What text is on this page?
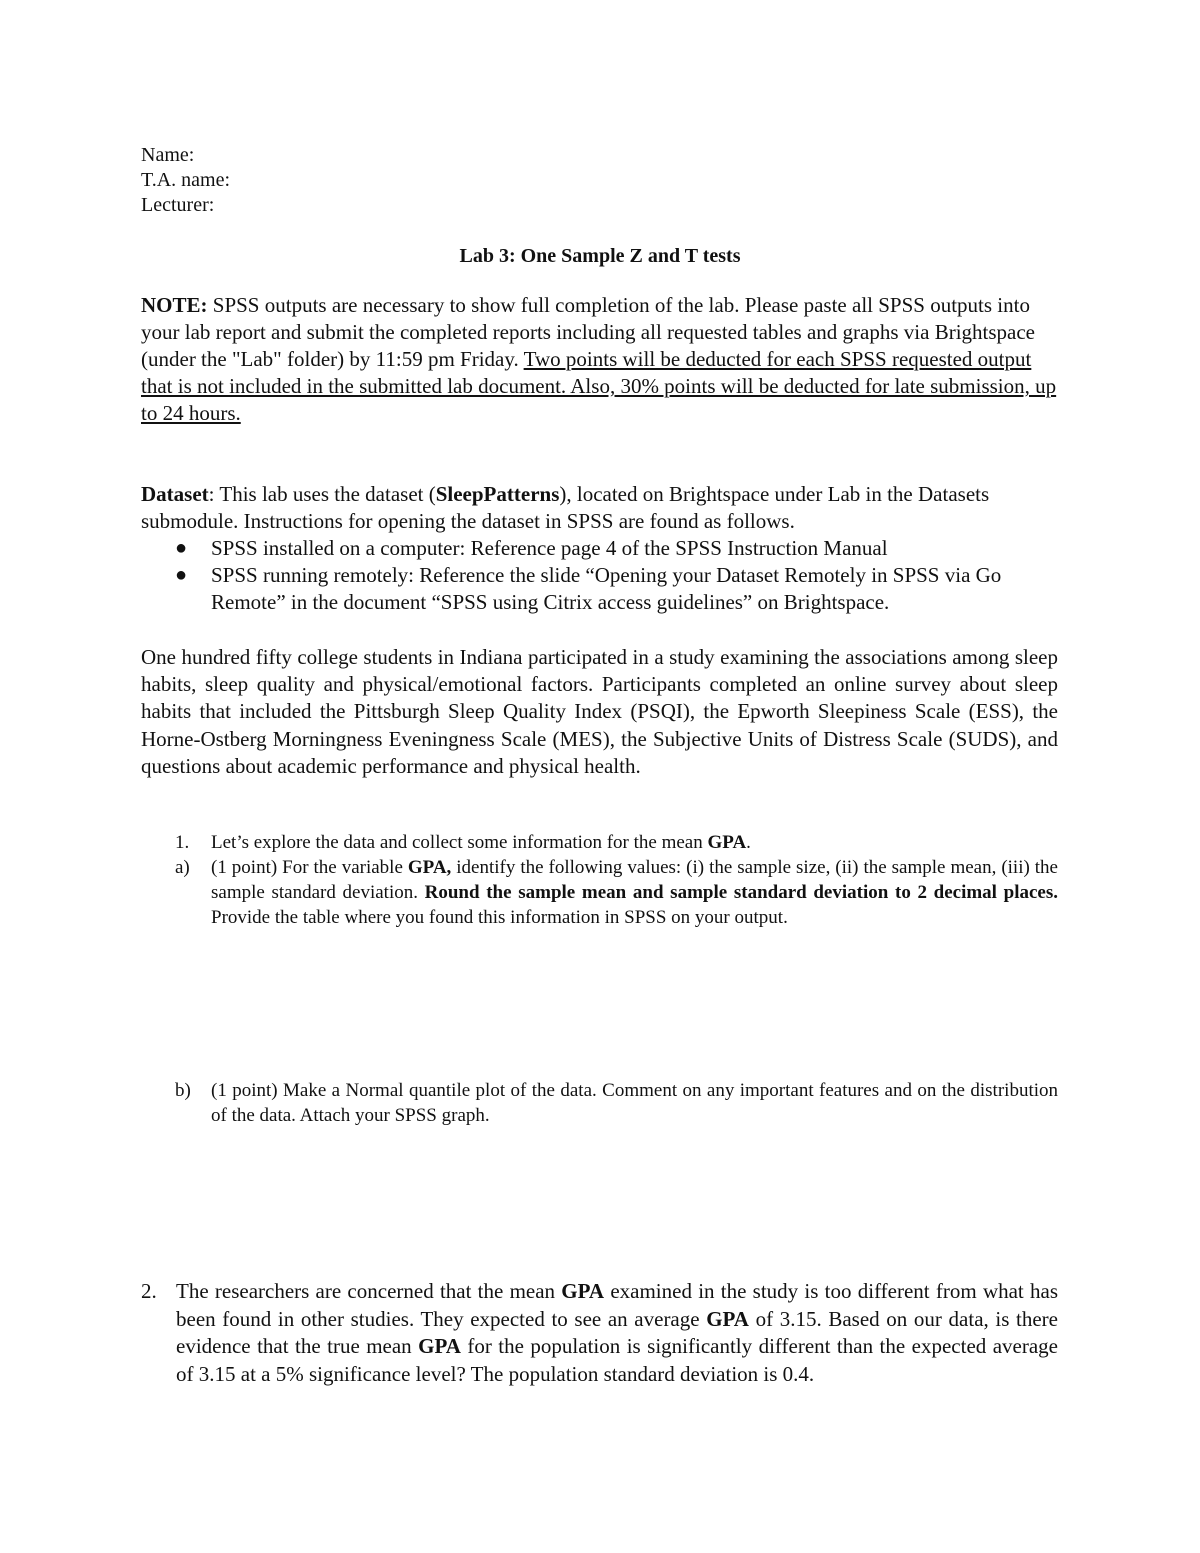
Name:
T.A. name:
Lecturer:
Lab 3: One Sample Z and T tests
NOTE: SPSS outputs are necessary to show full completion of the lab. Please paste all SPSS outputs into your lab report and submit the completed reports including all requested tables and graphs via Brightspace (under the "Lab" folder) by 11:59 pm Friday. Two points will be deducted for each SPSS requested output that is not included in the submitted lab document. Also, 30% points will be deducted for late submission, up to 24 hours.
Dataset: This lab uses the dataset (SleepPatterns), located on Brightspace under Lab in the Datasets submodule. Instructions for opening the dataset in SPSS are found as follows.
● SPSS installed on a computer: Reference page 4 of the SPSS Instruction Manual
● SPSS running remotely: Reference the slide “Opening your Dataset Remotely in SPSS via Go Remote” in the document “SPSS using Citrix access guidelines” on Brightspace.
One hundred fifty college students in Indiana participated in a study examining the associations among sleep habits, sleep quality and physical/emotional factors. Participants completed an online survey about sleep habits that included the Pittsburgh Sleep Quality Index (PSQI), the Epworth Sleepiness Scale (ESS), the Horne-Ostberg Morningness Eveningness Scale (MES), the Subjective Units of Distress Scale (SUDS), and questions about academic performance and physical health.
1. Let’s explore the data and collect some information for the mean GPA.
a) (1 point) For the variable GPA, identify the following values: (i) the sample size, (ii) the sample mean, (iii) the sample standard deviation. Round the sample mean and sample standard deviation to 2 decimal places. Provide the table where you found this information in SPSS on your output.
b) (1 point) Make a Normal quantile plot of the data. Comment on any important features and on the distribution of the data. Attach your SPSS graph.
2. The researchers are concerned that the mean GPA examined in the study is too different from what has been found in other studies. They expected to see an average GPA of 3.15. Based on our data, is there evidence that the true mean GPA for the population is significantly different than the expected average of 3.15 at a 5% significance level? The population standard deviation is 0.4.
